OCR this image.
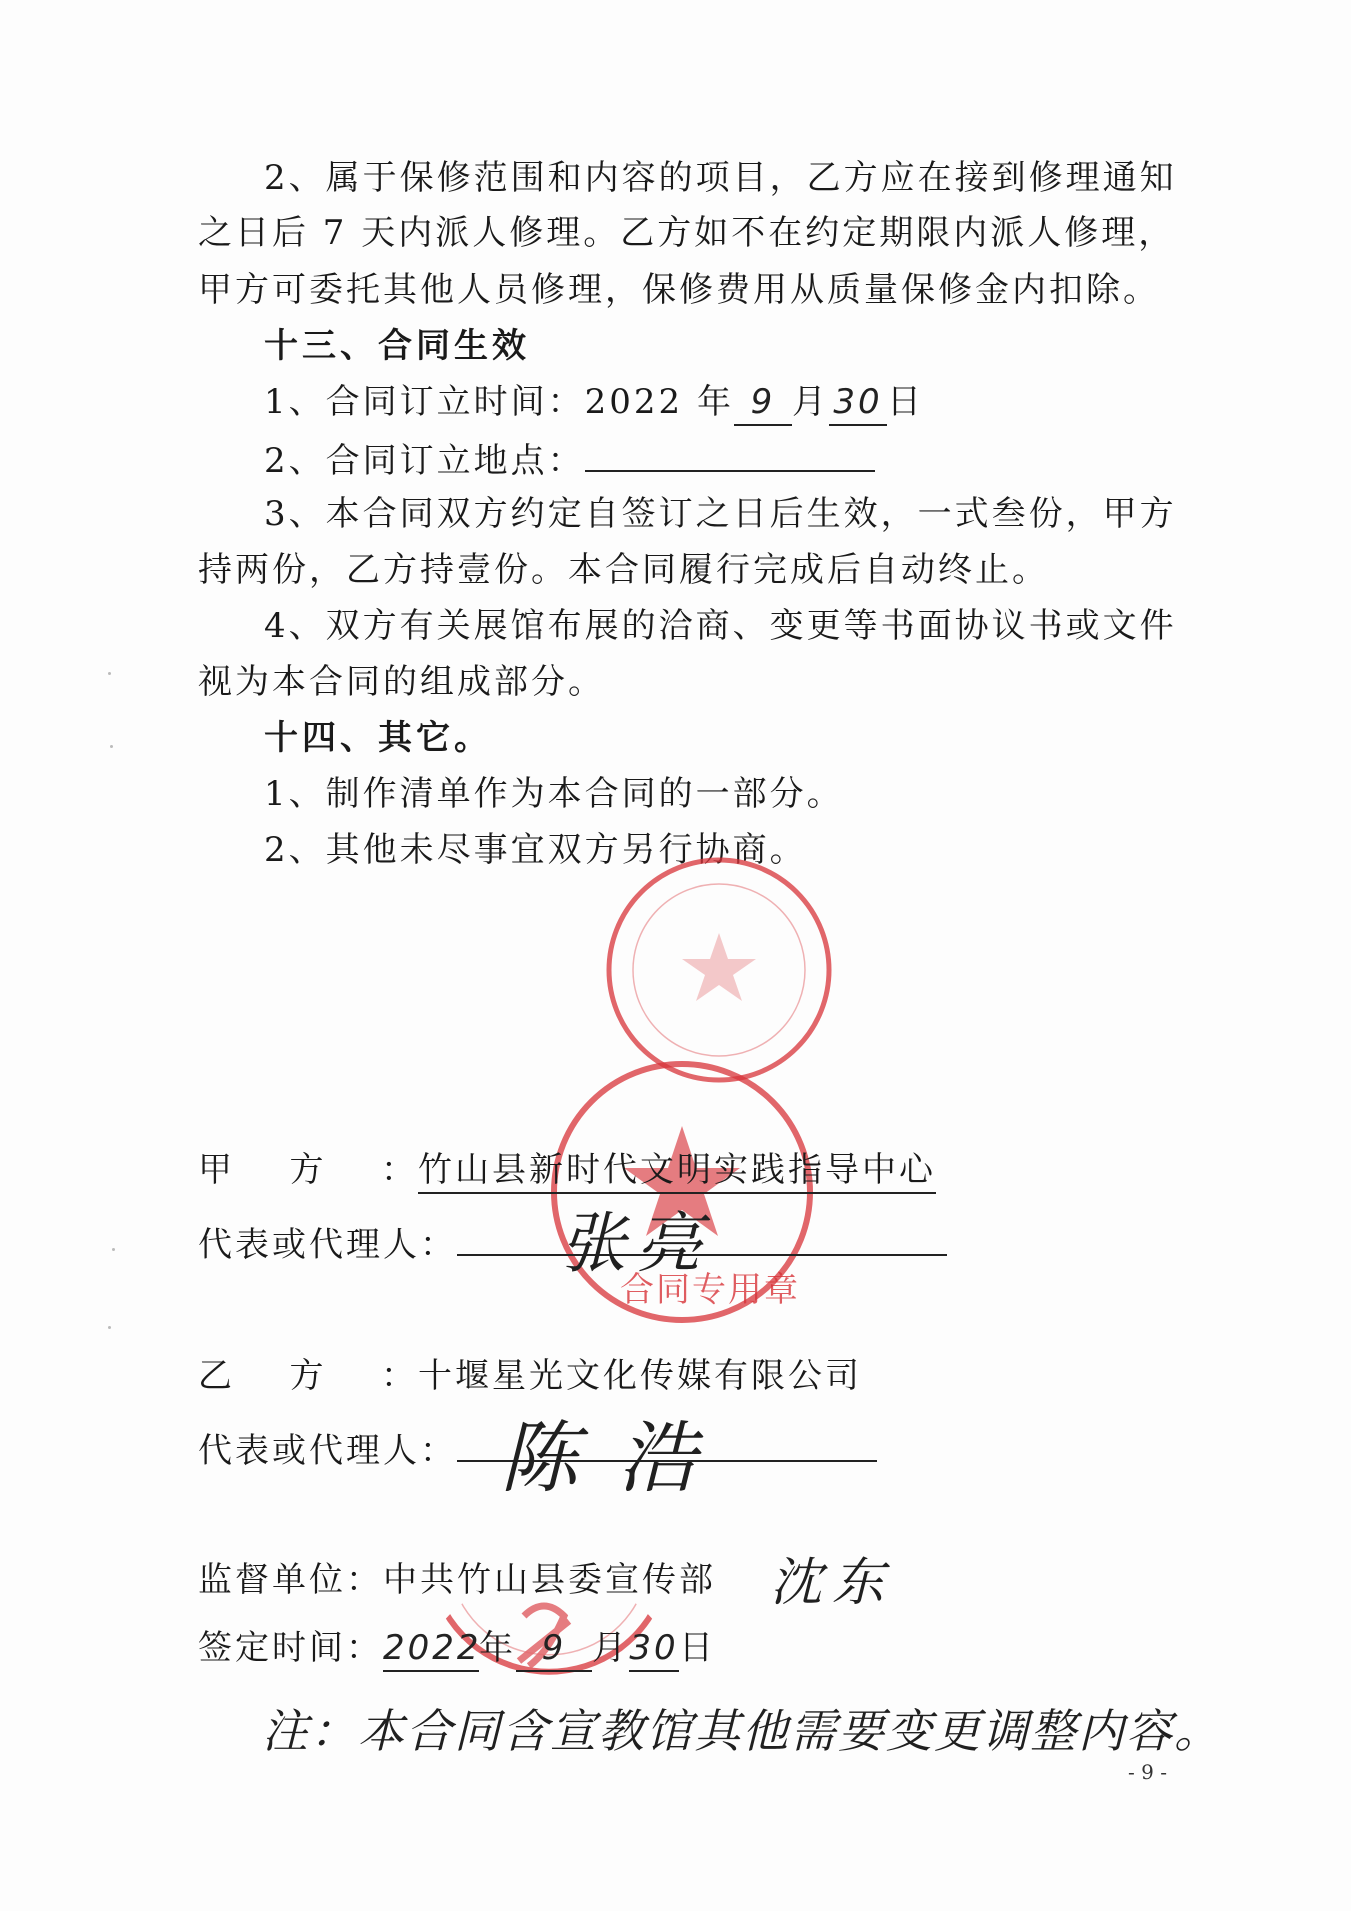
2、属于保修范围和内容的项目，乙方应在接到修理通知
之日后 7 天内派人修理。乙方如不在约定期限内派人修理，
甲方可委托其他人员修理，保修费用从质量保修金内扣除。
十三、合同生效
1、合同订立时间：2022 年 9 月 30 日
2、合同订立地点：
3、本合同双方约定自签订之日后生效，一式叁份，甲方
持两份，乙方持壹份。本合同履行完成后自动终止。
4、双方有关展馆布展的洽商、变更等书面协议书或文件
视为本合同的组成部分。
十四、其它。
1、制作清单作为本合同的一部分。
2、其他未尽事宜双方另行协商。
合同专用章
甲方：竹山县新时代文明实践指导中心
代表或代理人：	张亮
乙方：十堰星光文化传媒有限公司
代表或代理人： 陈浩
监督单位：中共竹山县委宣传部 沈东
签定时间：2022年 9 月30日
注：本合同含宣教馆其他需要变更调整内容。
- 9 -
